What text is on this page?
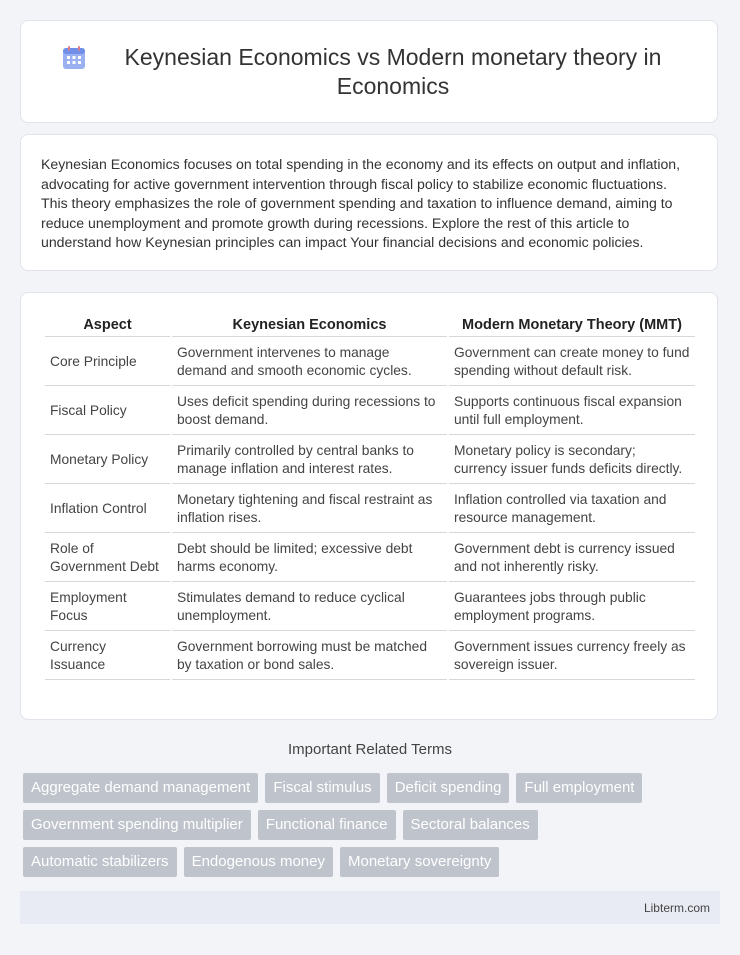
Keynesian Economics vs Modern monetary theory in Economics
Keynesian Economics focuses on total spending in the economy and its effects on output and inflation, advocating for active government intervention through fiscal policy to stabilize economic fluctuations. This theory emphasizes the role of government spending and taxation to influence demand, aiming to reduce unemployment and promote growth during recessions. Explore the rest of this article to understand how Keynesian principles can impact Your financial decisions and economic policies.
Aspect	Keynesian Economics	Modern Monetary Theory (MMT)
Core Principle	Government intervenes to manage demand and smooth economic cycles.	Government can create money to fund spending without default risk.
Fiscal Policy	Uses deficit spending during recessions to boost demand.	Supports continuous fiscal expansion until full employment.
Monetary Policy	Primarily controlled by central banks to manage inflation and interest rates.	Monetary policy is secondary; currency issuer funds deficits directly.
Inflation Control	Monetary tightening and fiscal restraint as inflation rises.	Inflation controlled via taxation and resource management.
Role of Government Debt	Debt should be limited; excessive debt harms economy.	Government debt is currency issued and not inherently risky.
Employment Focus	Stimulates demand to reduce cyclical unemployment.	Guarantees jobs through public employment programs.
Currency Issuance	Government borrowing must be matched by taxation or bond sales.	Government issues currency freely as sovereign issuer.
Important Related Terms
Aggregate demand management	Fiscal stimulus	Deficit spending	Full employment
Government spending multiplier	Functional finance	Sectoral balances
Automatic stabilizers	Endogenous money	Monetary sovereignty
Libterm.com
